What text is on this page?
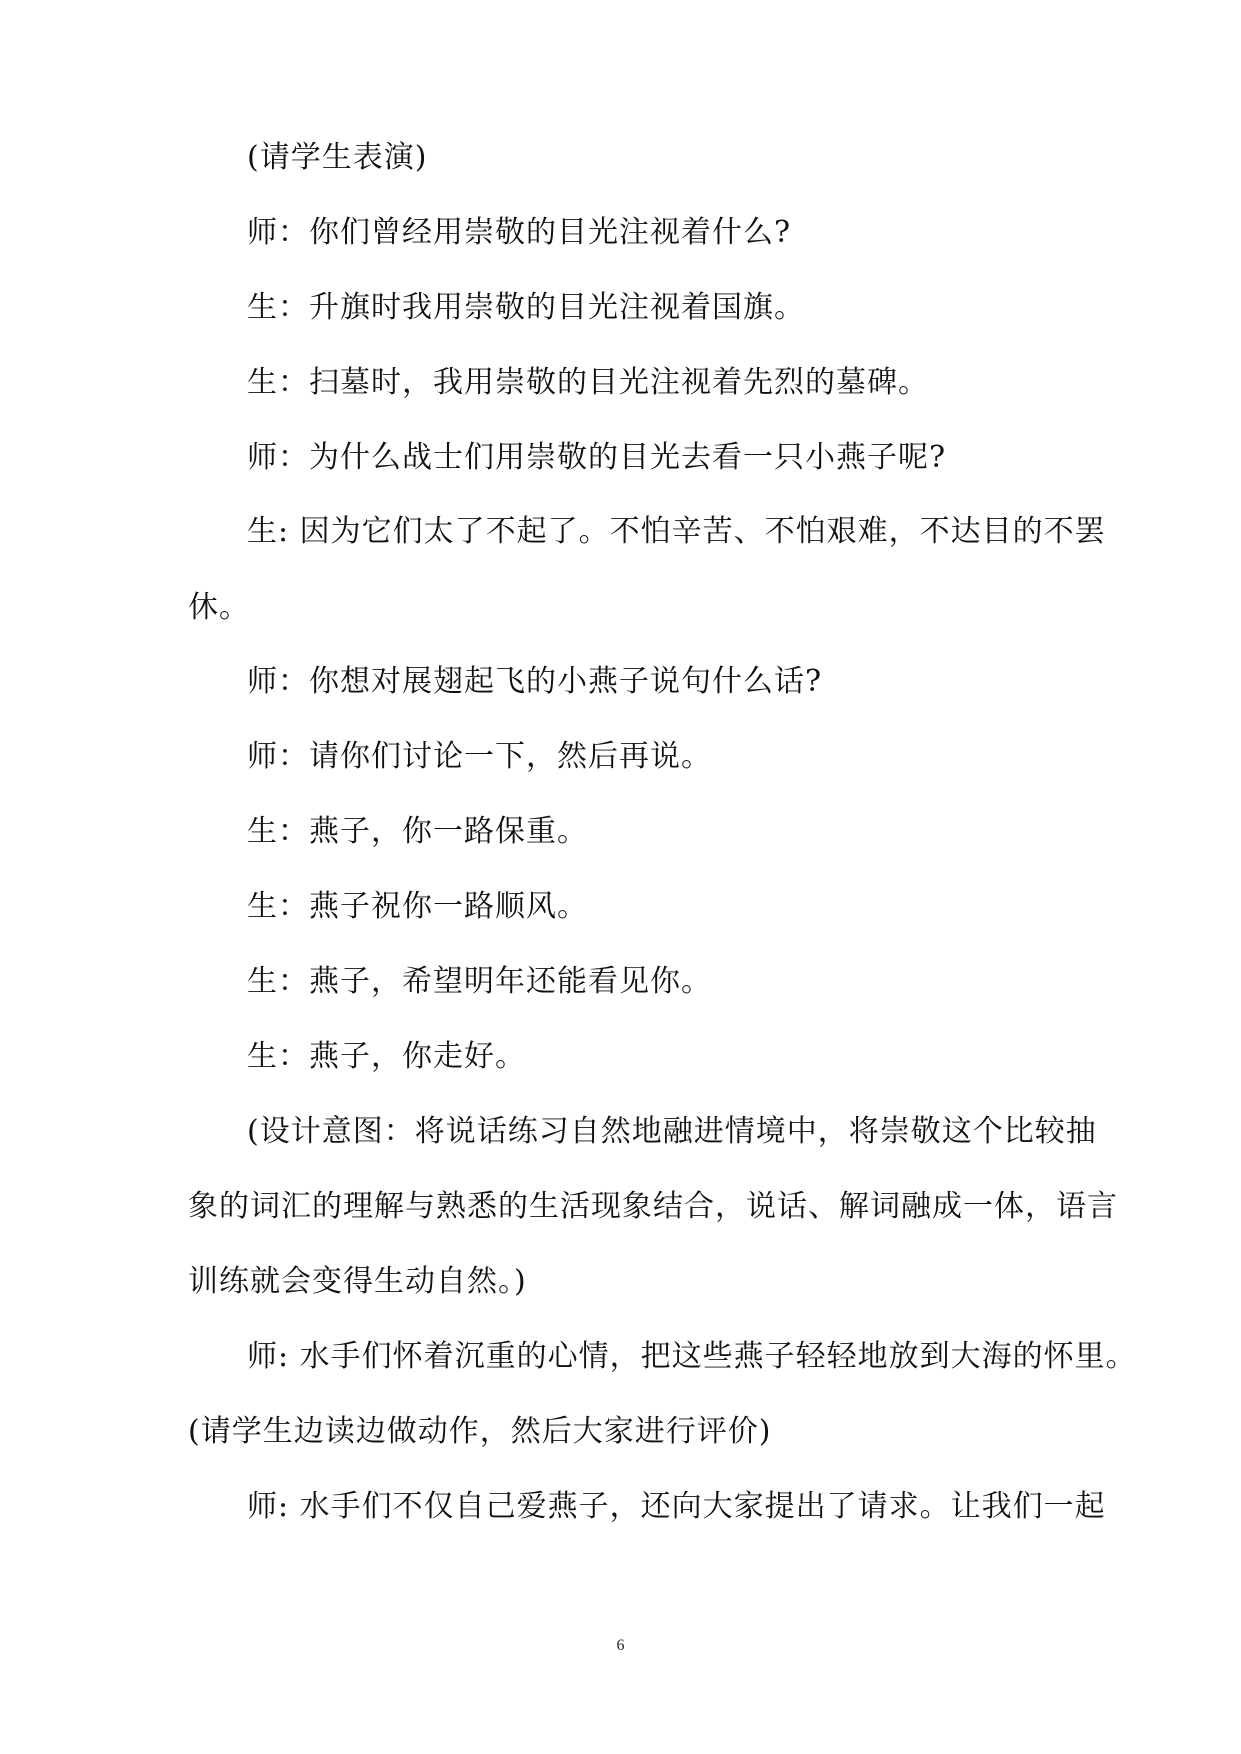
(请学生表演)
师：你们曾经用崇敬的目光注视着什么?
生：升旗时我用崇敬的目光注视着国旗。
生：扫墓时，我用崇敬的目光注视着先烈的墓碑。
师：为什么战士们用崇敬的目光去看一只小燕子呢?
生: 因为它们太了不起了。不怕辛苦、不怕艰难，不达目的不罢
休。
师：你想对展翅起飞的小燕子说句什么话?
师：请你们讨论一下，然后再说。
生：燕子，你一路保重。
生：燕子祝你一路顺风。
生：燕子，希望明年还能看见你。
生：燕子，你走好。
(设计意图：将说话练习自然地融进情境中，将崇敬这个比较抽
象的词汇的理解与熟悉的生活现象结合，说话、解词融成一体，语言
训练就会变得生动自然。)
师: 水手们怀着沉重的心情，把这些燕子轻轻地放到大海的怀里。
(请学生边读边做动作，然后大家进行评价)
师: 水手们不仅自己爱燕子，还向大家提出了请求。让我们一起
6
